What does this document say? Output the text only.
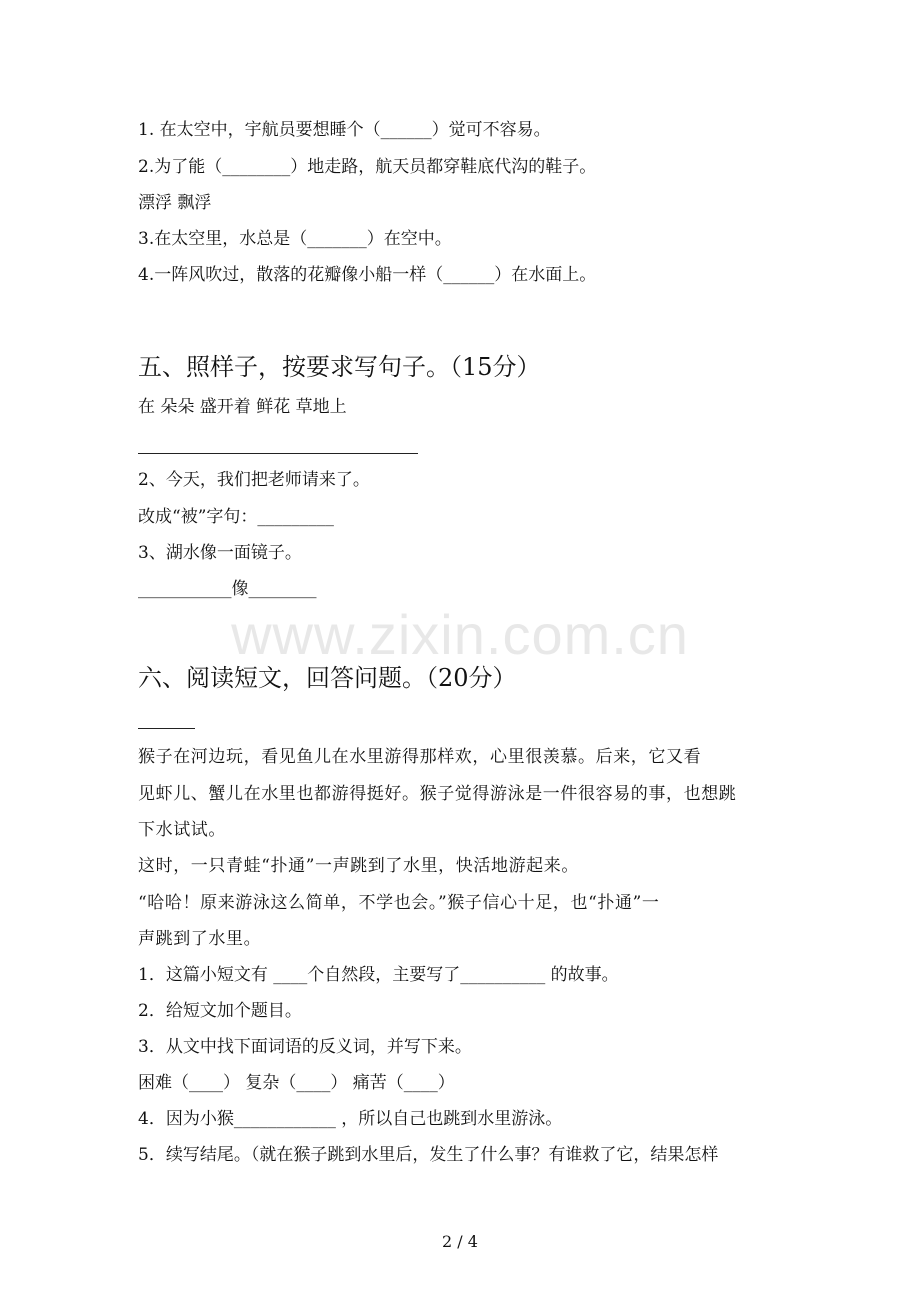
1. 在太空中，宇航员要想睡个（______）觉可不容易。
2.为了能（________）地走路，航天员都穿鞋底代沟的鞋子。
漂浮 飘浮
3.在太空里，水总是（_______）在空中。
4.一阵风吹过，散落的花瓣像小船一样（______）在水面上。
五、照样子，按要求写句子。（15分）
在 朵朵 盛开着 鲜花 草地上
2、今天，我们把老师请来了。
改成“被”字句：_________
3、湖水像一面镜子。
___________像________
www.zixin.com.cn
六、阅读短文，回答问题。（20分）
猴子在河边玩，看见鱼儿在水里游得那样欢，心里很羡慕。后来，它又看
见虾儿、蟹儿在水里也都游得挺好。猴子觉得游泳是一件很容易的事，也想跳
下水试试。
这时，一只青蛙“扑通”一声跳到了水里，快活地游起来。
“哈哈！原来游泳这么简单，不学也会。”猴子信心十足，也“扑通”一
声跳到了水里。
1．这篇小短文有 ____个自然段，主要写了__________ 的故事。
2．给短文加个题目。
3．从文中找下面词语的反义词，并写下来。
困难（____） 复杂（____） 痛苦（____）
4．因为小猴____________ ，所以自己也跳到水里游泳。
5．续写结尾。（就在猴子跳到水里后，发生了什么事？有谁救了它，结果怎样
2 / 4
